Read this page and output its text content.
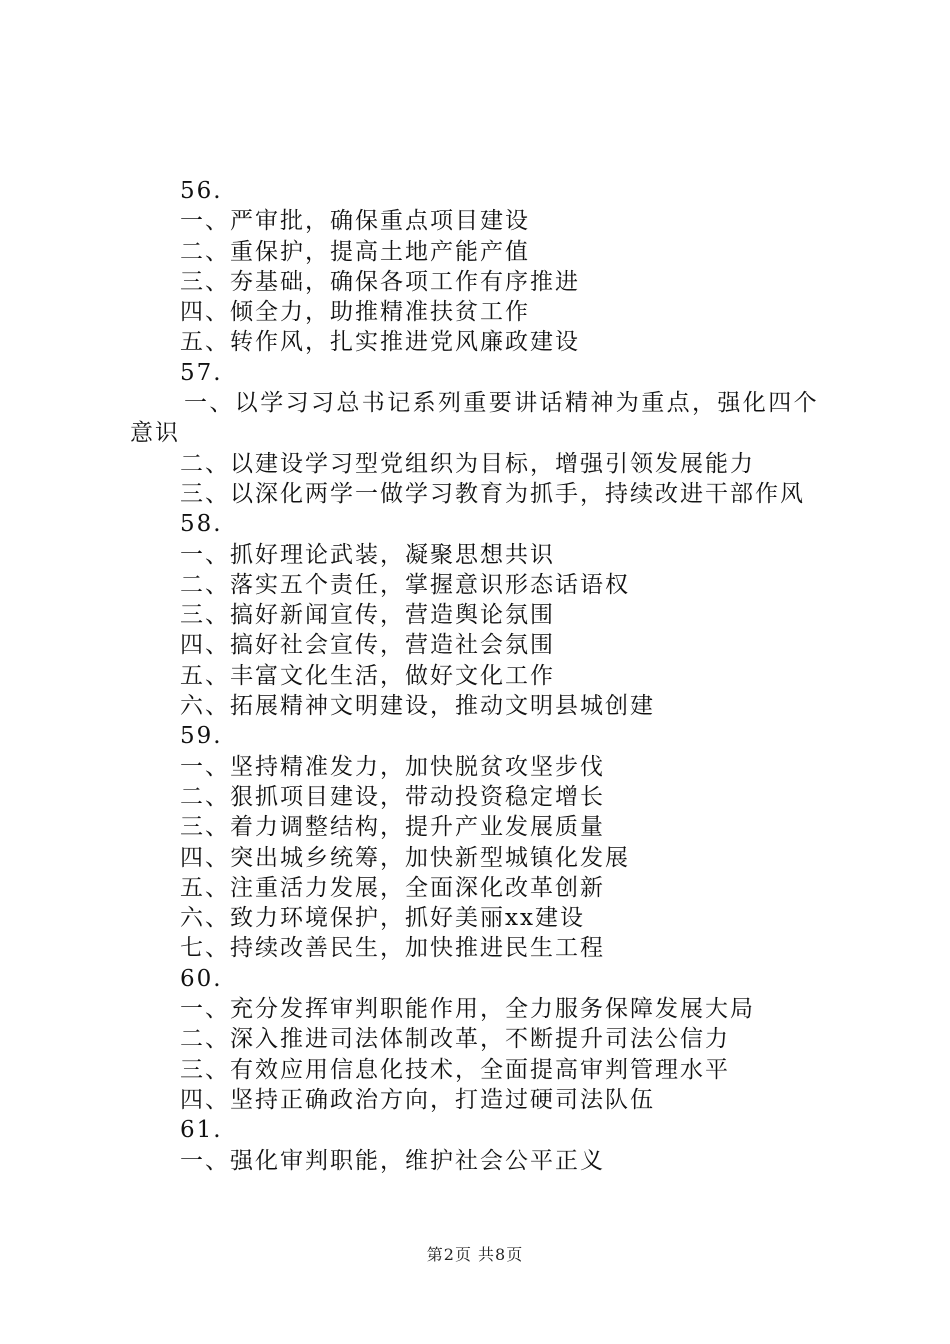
56.
一、严审批，确保重点项目建设
二、重保护，提高土地产能产值
三、夯基础，确保各项工作有序推进
四、倾全力，助推精准扶贫工作
五、转作风，扎实推进党风廉政建设
57.
一、以学习习总书记系列重要讲话精神为重点，强化四个
意识
二、以建设学习型党组织为目标，增强引领发展能力
三、以深化两学一做学习教育为抓手，持续改进干部作风
58.
一、抓好理论武装，凝聚思想共识
二、落实五个责任，掌握意识形态话语权
三、搞好新闻宣传，营造舆论氛围
四、搞好社会宣传，营造社会氛围
五、丰富文化生活，做好文化工作
六、拓展精神文明建设，推动文明县城创建
59.
一、坚持精准发力，加快脱贫攻坚步伐
二、狠抓项目建设，带动投资稳定增长
三、着力调整结构，提升产业发展质量
四、突出城乡统筹，加快新型城镇化发展
五、注重活力发展，全面深化改革创新
六、致力环境保护，抓好美丽xx建设
七、持续改善民生，加快推进民生工程
60.
一、充分发挥审判职能作用，全力服务保障发展大局
二、深入推进司法体制改革，不断提升司法公信力
三、有效应用信息化技术，全面提高审判管理水平
四、坚持正确政治方向，打造过硬司法队伍
61.
一、强化审判职能，维护社会公平正义
第2页 共8页
